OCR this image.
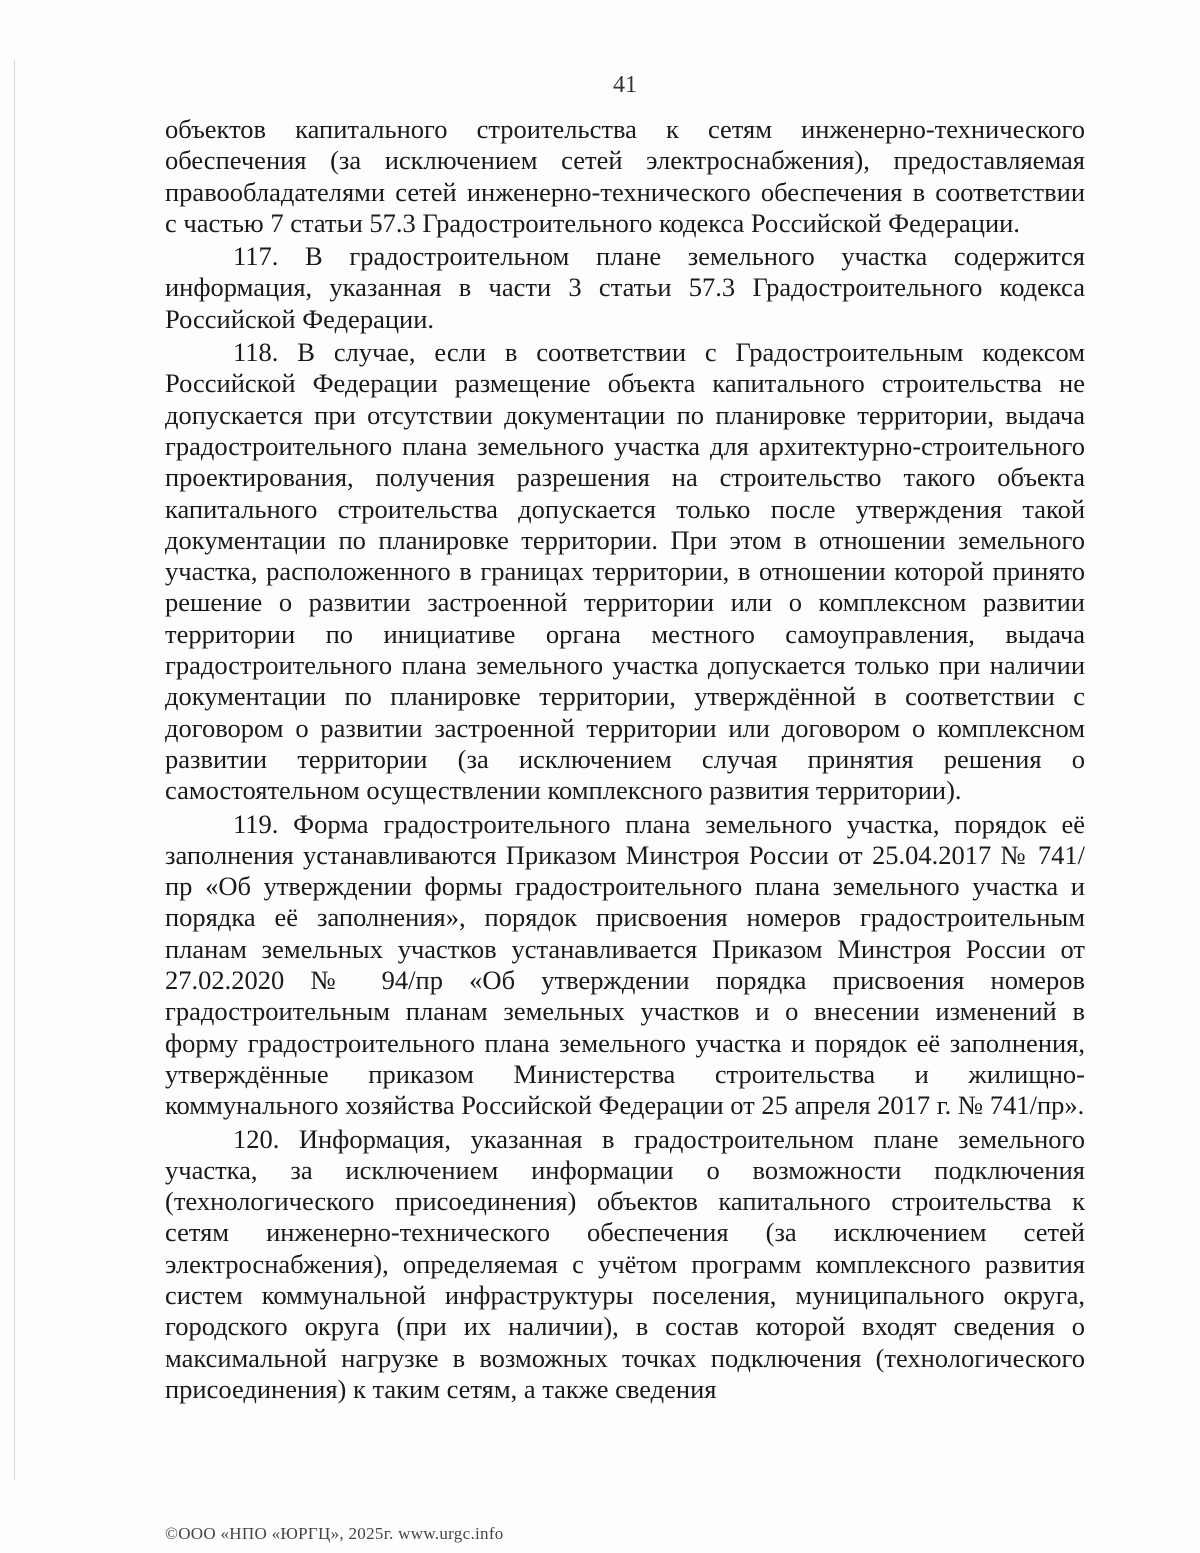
41

объектов капитального строительства к сетям инженерно-технического обеспечения (за исключением сетей электроснабжения), предоставляемая правообладателями сетей инженерно-технического обеспечения в соответствии с частью 7 статьи 57.3 Градостроительного кодекса Российской Федерации.

117. В градостроительном плане земельного участка содержится информация, указанная в части 3 статьи 57.3 Градостроительного кодекса Российской Федерации.

118. В случае, если в соответствии с Градостроительным кодексом Российской Федерации размещение объекта капитального строительства не допускается при отсутствии документации по планировке территории, выдача градостроительного плана земельного участка для архитектурно-строительного проектирования, получения разрешения на строительство такого объекта капитального строительства допускается только после утверждения такой документации по планировке территории. При этом в отношении земельного участка, расположенного в границах территории, в отношении которой принято решение о развитии застроенной территории или о комплексном развитии территории по инициативе органа местного самоуправления, выдача градостроительного плана земельного участка допускается только при наличии документации по планировке территории, утверждённой в соответствии с договором о развитии застроенной территории или договором о комплексном развитии территории (за исключением случая принятия решения о самостоятельном осуществлении комплексного развития территории).

119. Форма градостроительного плана земельного участка, порядок её заполнения устанавливаются Приказом Минстроя России от 25.04.2017 № 741/пр «Об утверждении формы градостроительного плана земельного участка и порядка её заполнения», порядок присвоения номеров градостроительным планам земельных участков устанавливается Приказом Минстроя России от 27.02.2020 № 94/пр «Об утверждении порядка присвоения номеров градостроительным планам земельных участков и о внесении изменений в форму градостроительного плана земельного участка и порядок её заполнения, утверждённые приказом Министерства строительства и жилищно-коммунального хозяйства Российской Федерации от 25 апреля 2017 г. № 741/пр».

120. Информация, указанная в градостроительном плане земельного участка, за исключением информации о возможности подключения (технологического присоединения) объектов капитального строительства к сетям инженерно-технического обеспечения (за исключением сетей электроснабжения), определяемая с учётом программ комплексного развития систем коммунальной инфраструктуры поселения, муниципального округа, городского округа (при их наличии), в состав которой входят сведения о максимальной нагрузке в возможных точках подключения (технологического присоединения) к таким сетям, а также сведения

©ООО «НПО «ЮРГЦ», 2025г. www.urgc.info
